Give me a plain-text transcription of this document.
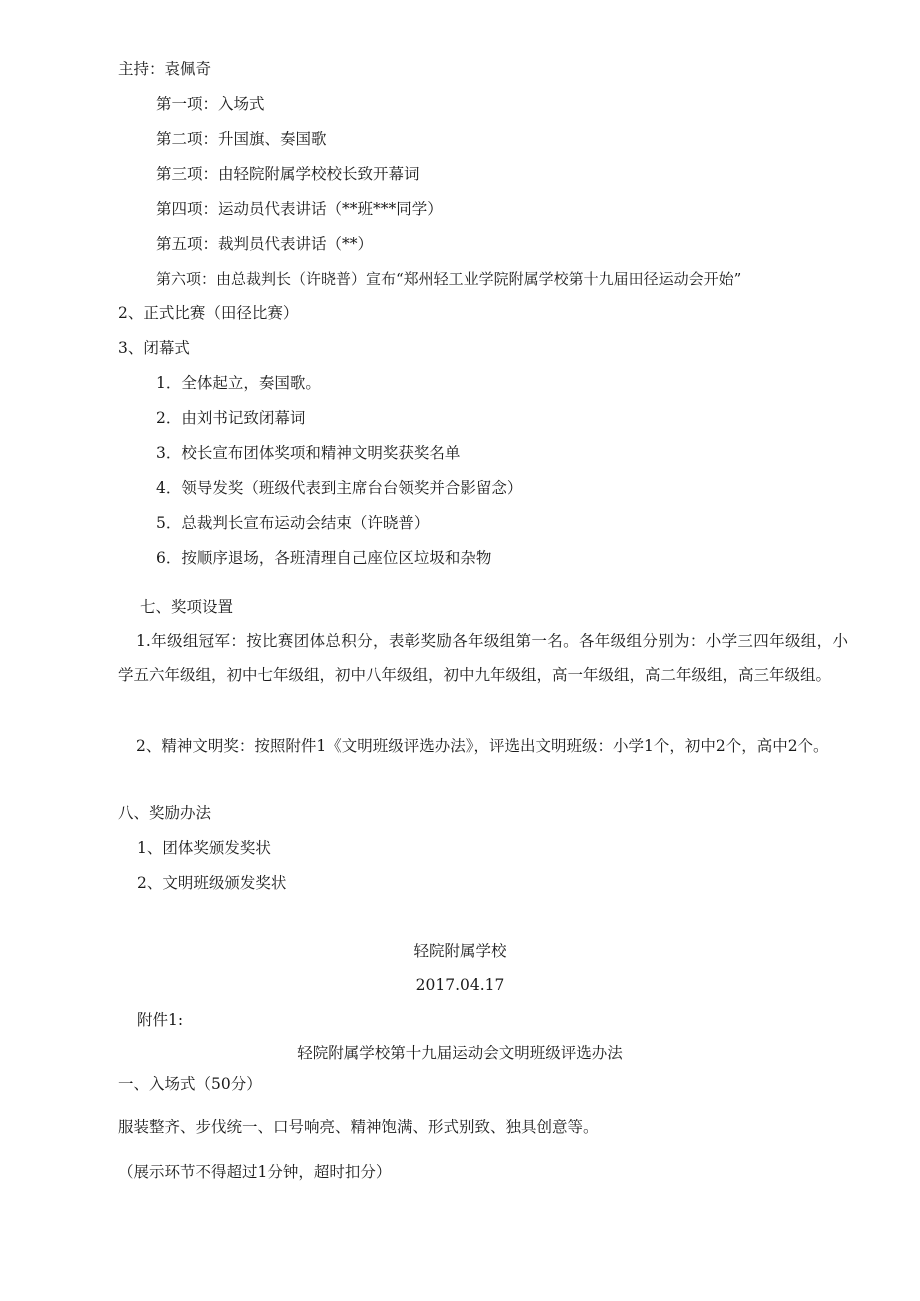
主持：袁佩奇
第一项：入场式
第二项：升国旗、奏国歌
第三项：由轻院附属学校校长致开幕词
第四项：运动员代表讲话（**班***同学）
第五项：裁判员代表讲话（**）
第六项：由总裁判长（许晓普）宣布“郑州轻工业学院附属学校第十九届田径运动会开始”
2、正式比赛（田径比赛）
3、闭幕式
1．全体起立，奏国歌。
2．由刘书记致闭幕词
3．校长宣布团体奖项和精神文明奖获奖名单
4．领导发奖（班级代表到主席台台领奖并合影留念）
5．总裁判长宣布运动会结束（许晓普）
6．按顺序退场，各班清理自己座位区垃圾和杂物
七、奖项设置
1.年级组冠军：按比赛团体总积分，表彰奖励各年级组第一名。各年级组分别为：小学三四年级组，小学五六年级组，初中七年级组，初中八年级组，初中九年级组，高一年级组，高二年级组，高三年级组。
2、精神文明奖：按照附件1《文明班级评选办法》，评选出文明班级：小学1个，初中2个，高中2个。
八、奖励办法
1、团体奖颁发奖状
2、文明班级颁发奖状
轻院附属学校
2017.04.17
附件1:
轻院附属学校第十九届运动会文明班级评选办法
一、入场式（50分）
服装整齐、步伐统一、口号响亮、精神饱满、形式别致、独具创意等。
（展示环节不得超过1分钟，超时扣分）
